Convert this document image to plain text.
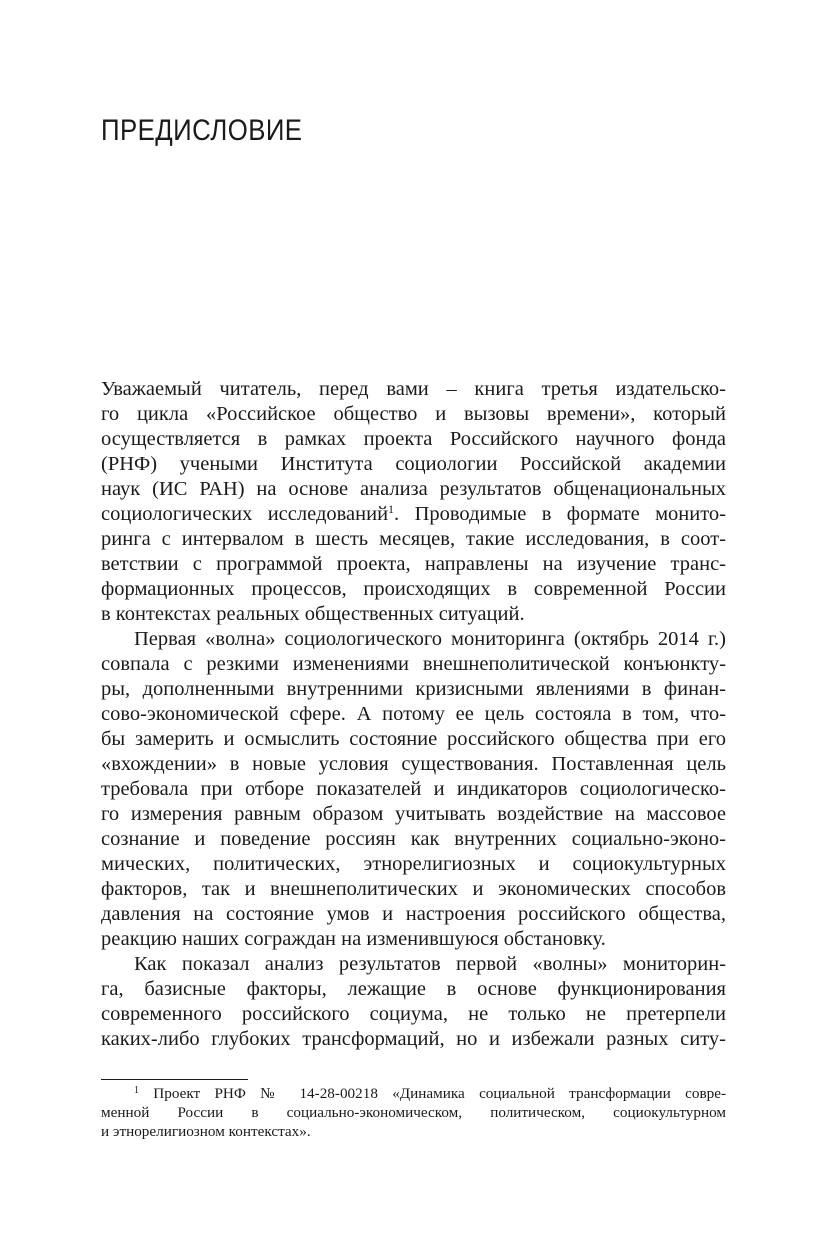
ПРЕДИСЛОВИЕ

Уважаемый читатель, перед вами – книга третья издательско-
го цикла «Российское общество и вызовы времени», который
осуществляется в рамках проекта Российского научного фонда
(РНФ) учеными Института социологии Российской академии
наук (ИС РАН) на основе анализа результатов общенациональных
социологических исследований$^1$. Проводимые в формате монито-
ринга с интервалом в шесть месяцев, такие исследования, в соот-
ветствии с программой проекта, направлены на изучение транс-
формационных процессов, происходящих в современной России
в контекстах реальных общественных ситуаций.

Первая «волна» социологического мониторинга (октябрь 2014 г.)
совпала с резкими изменениями внешнеполитической конъюнкту-
ры, дополненными внутренними кризисными явлениями в финан-
сово-экономической сфере. А потому ее цель состояла в том, что-
бы замерить и осмыслить состояние российского общества при его
«вхождении» в новые условия существования. Поставленная цель
требовала при отборе показателей и индикаторов социологическо-
го измерения равным образом учитывать воздействие на массовое
сознание и поведение россиян как внутренних социально-эконо-
мических, политических, этнорелигиозных и социокультурных
факторов, так и внешнеполитических и экономических способов
давления на состояние умов и настроения российского общества,
реакцию наших сограждан на изменившуюся обстановку.

Как показал анализ результатов первой «волны» мониторин-
га, базисные факторы, лежащие в основе функционирования
современного российского социума, не только не претерпели
каких-либо глубоких трансформаций, но и избежали разных ситу-

$^1$ Проект РНФ № 14-28-00218 «Динамика социальной трансформации совре-
менной России в социально-экономическом, политическом, социокультурном
и этнорелигиозном контекстах».
